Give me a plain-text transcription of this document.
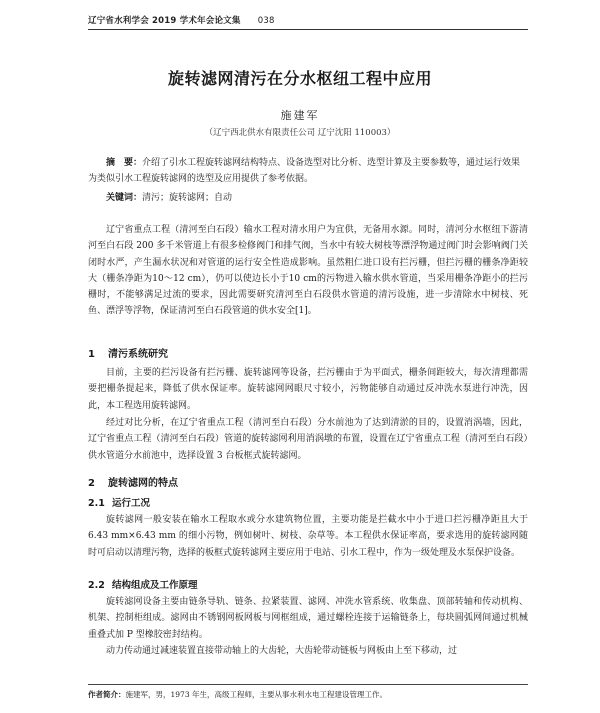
辽宁省水利学会 2019 学术年会论文集 038
旋转滤网清污在分水枢纽工程中应用
施建军
（辽宁西北供水有限责任公司 辽宁沈阳 110003）
摘　要：介绍了引水工程旋转滤网结构特点、设备选型对比分析、选型计算及主要参数等，通过运行效果为类似引水工程旋转滤网的选型及应用提供了参考依据。
关键词：清污；旋转滤网；自动
辽宁省重点工程（清河至白石段）输水工程对清水用户为宜供，无备用水源。同时，清河分水枢纽下游清河至白石段 200 多千米管道上有很多检修阀门和排气阀，当水中有较大树枝等漂浮物通过阀门时会影响阀门关闭时水严，产生漏水状况和对管道的运行安全性造成影响。虽然粗仁进口设有拦污栅，但拦污栅的栅条净距较大（栅条净距为10～12 cm），仍可以使边长小于10 cm的污物进入输水供水管道，当采用栅条净距小的拦污栅时，不能够满足过流的要求，因此需要研究清河至白石段供水管道的清污设施，进一步清除水中树枝、死鱼、漂浮等浮物，保证清河至白石段管道的供水安全[1]。
1 清污系统研究
目前，主要的拦污设备有拦污栅、旋转滤网等设备，拦污栅由于为平面式，栅条间距较大，每次清理都需要把栅条提起来，降低了供水保证率。旋转滤网网眼尺寸较小，污物能够自动通过反冲洗水泵进行冲洗，因此，本工程选用旋转滤网。
经过对比分析，在辽宁省重点工程（清河至白石段）分水前池为了达到清淤的目的，设置消涡墙，因此，辽宁省重点工程（清河至白石段）管道的旋转滤网利用消涡墩的布置，设置在辽宁省重点工程（清河至白石段）供水管道分水前池中，选择设置 3 台板框式旋转滤网。
2 旋转滤网的特点
2.1 运行工况
旋转滤网一般安装在输水工程取水或分水建筑物位置，主要功能是拦截水中小于进口拦污栅净距且大于 6.43 mm×6.43 mm 的细小污物，例如树叶、树枝、杂草等。本工程供水保证率高，要求选用的旋转滤网随时可启动以清理污物，选择的板框式旋转滤网主要应用于电站、引水工程中，作为一级处理及水泵保护设备。
2.2 结构组成及工作原理
旋转滤网设备主要由链条导轨、链条、拉紧装置、滤网、冲洗水管系统、收集盘、顶部转轴和传动机构、机架、控制柜组成。滤网由不锈钢网板网板与网框组成，通过螺栓连接于运输链条上，每块圆弧网间通过机械重叠式加 P 型橡胶密封结构。
动力传动通过减速装置直接带动轴上的大齿轮，大齿轮带动链板与网板由上至下移动，过
作者简介：施建军，男，1973 年生，高级工程师，主要从事水利水电工程建设管理工作。
